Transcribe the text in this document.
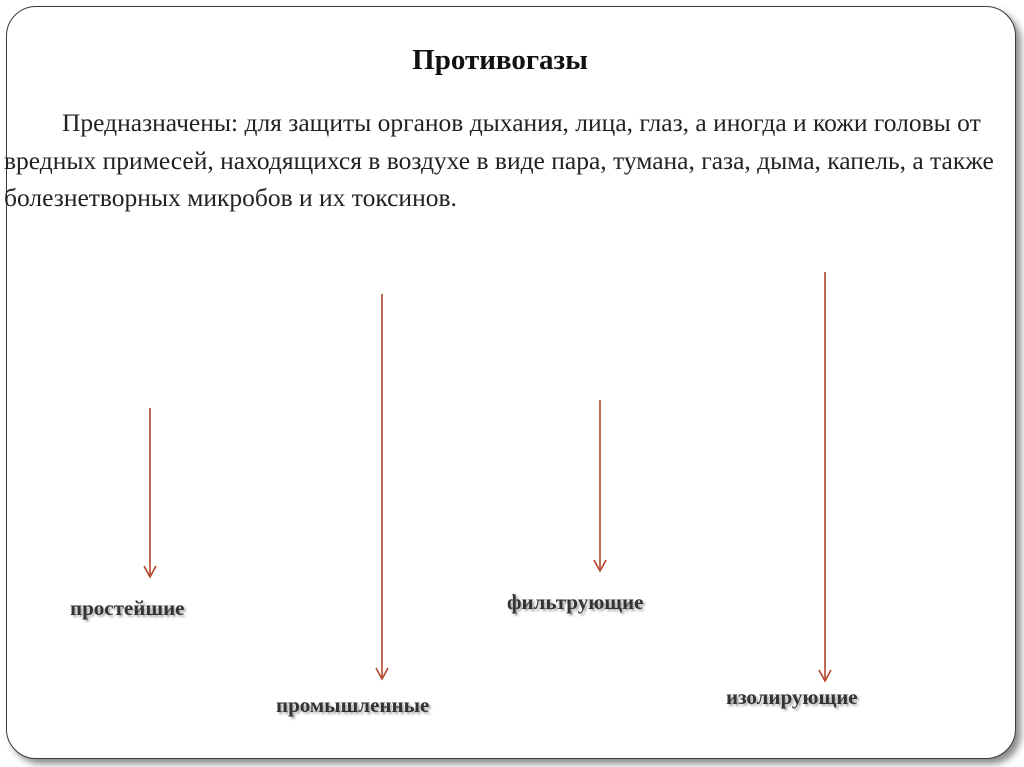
Противогазы

Предназначены: для защиты органов дыхания, лица, глаз, а иногда и кожи головы от вредных примесей, находящихся в воздухе в виде пара, тумана, газа, дыма, капель, а также болезнетворных микробов и их токсинов.

простейшие
промышленные
фильтрующие
изолирующие
